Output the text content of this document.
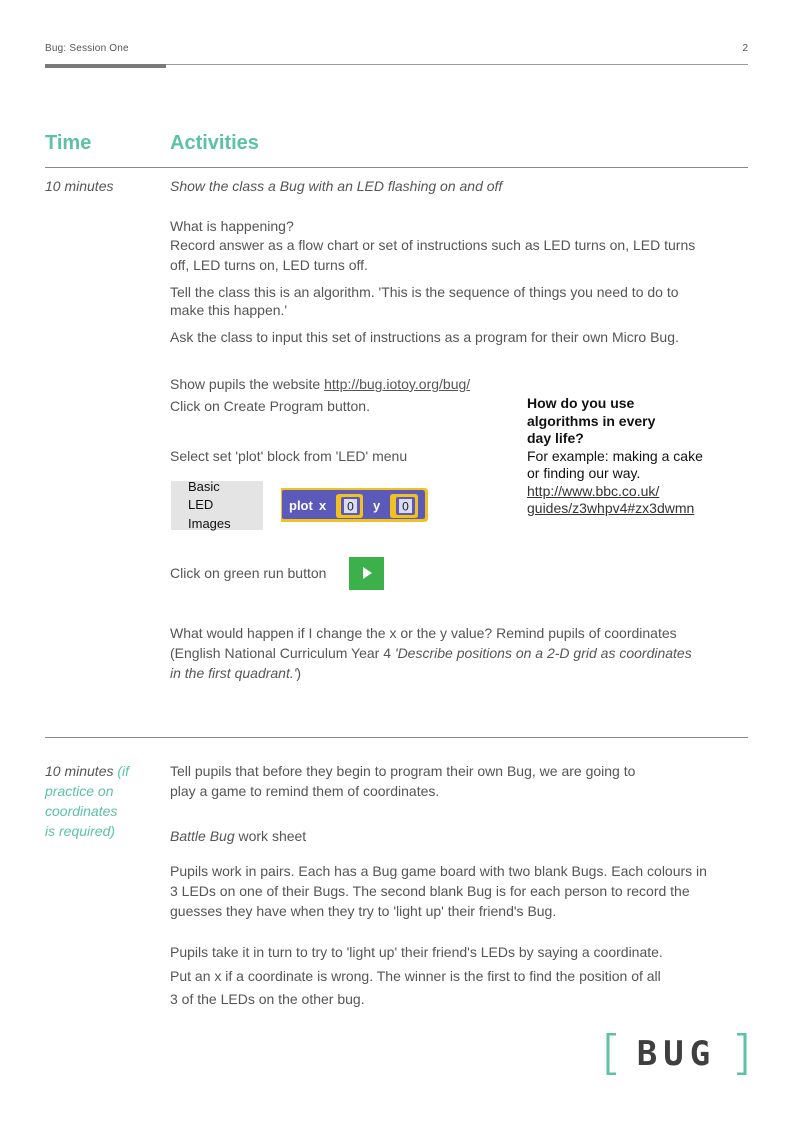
Bug: Session One	2
Time	Activities
10 minutes	Show the class a Bug with an LED flashing on and off
What is happening?
Record answer as a flow chart or set of instructions such as LED turns on, LED turns
off, LED turns on, LED turns off.
Tell the class this is an algorithm. 'This is the sequence of things you need to do to
make this happen.'
Ask the class to input this set of instructions as a program for their own Micro Bug.
Show pupils the website http://bug.iotoy.org/bug/
Click on Create Program button.
Select set 'plot' block from 'LED' menu
Basic
LED
Images
plot x 0 y 0
Click on green run button
What would happen if I change the x or the y value? Remind pupils of coordinates
(English National Curriculum Year 4 'Describe positions on a 2-D grid as coordinates
in the first quadrant.')
How do you use
algorithms in every
day life?
For example: making a cake
or finding our way.
http://www.bbc.co.uk/
guides/z3whpv4#zx3dwmn
10 minutes (if
practice on
coordinates
is required)
Tell pupils that before they begin to program their own Bug, we are going to
play a game to remind them of coordinates.
Battle Bug work sheet
Pupils work in pairs. Each has a Bug game board with two blank Bugs. Each colours in
3 LEDs on one of their Bugs. The second blank Bug is for each person to record the
guesses they have when they try to 'light up' their friend's Bug.
Pupils take it in turn to try to 'light up' their friend's LEDs by saying a coordinate.
Put an x if a coordinate is wrong. The winner is the first to find the position of all
3 of the LEDs on the other bug.
BUG
